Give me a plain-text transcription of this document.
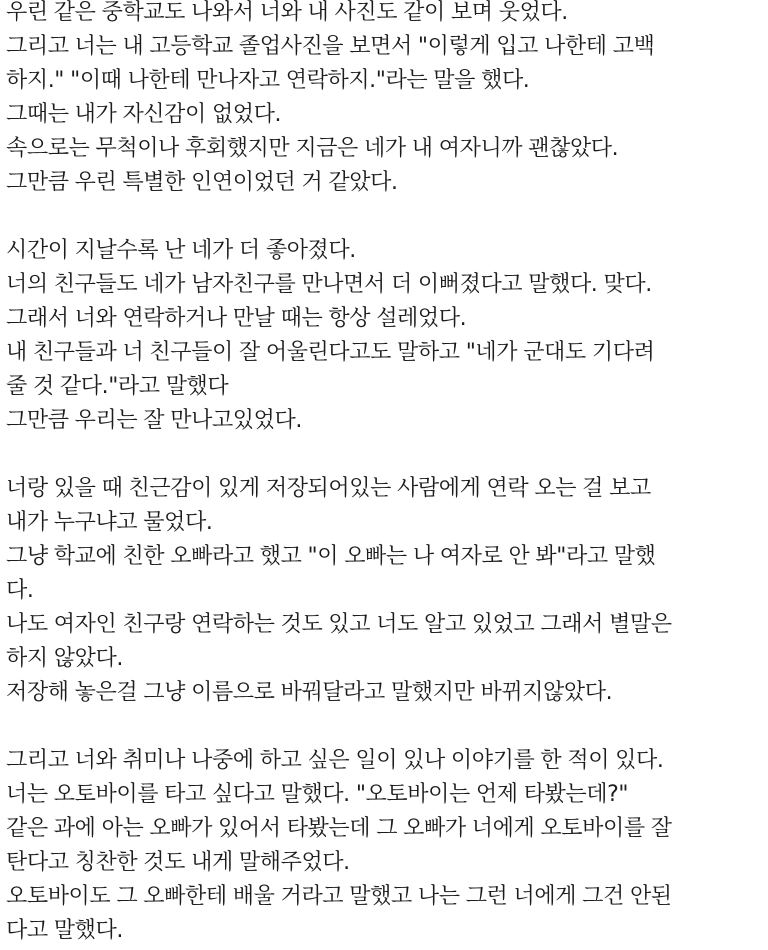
우린 같은 중학교도 나와서 너와 내 사진도 같이 보며 웃었다.
그리고 너는 내 고등학교 졸업사진을 보면서 "이렇게 입고 나한테 고백
하지." "이때 나한테 만나자고 연락하지."라는 말을 했다.
그때는 내가 자신감이 없었다.
속으로는 무척이나 후회했지만 지금은 네가 내 여자니까 괜찮았다.
그만큼 우린 특별한 인연이었던 거 같았다.
시간이 지날수록 난 네가 더 좋아졌다.
너의 친구들도 네가 남자친구를 만나면서 더 이뻐졌다고 말했다. 맞다.
그래서 너와 연락하거나 만날 때는 항상 설레었다.
내 친구들과 너 친구들이 잘 어울린다고도 말하고 "네가 군대도 기다려
줄 것 같다."라고 말했다
그만큼 우리는 잘 만나고있었다.
너랑 있을 때 친근감이 있게 저장되어있는 사람에게 연락 오는 걸 보고
내가 누구냐고 물었다.
그냥 학교에 친한 오빠라고 했고 "이 오빠는 나 여자로 안 봐"라고 말했
다.
나도 여자인 친구랑 연락하는 것도 있고 너도 알고 있었고 그래서 별말은
하지 않았다.
저장해 놓은걸 그냥 이름으로 바꿔달라고 말했지만 바뀌지않았다.
그리고 너와 취미나 나중에 하고 싶은 일이 있나 이야기를 한 적이 있다.
너는 오토바이를 타고 싶다고 말했다. "오토바이는 언제 타봤는데?"
같은 과에 아는 오빠가 있어서 타봤는데 그 오빠가 너에게 오토바이를 잘
탄다고 칭찬한 것도 내게 말해주었다.
오토바이도 그 오빠한테 배울 거라고 말했고 나는 그런 너에게 그건 안된
다고 말했다.
